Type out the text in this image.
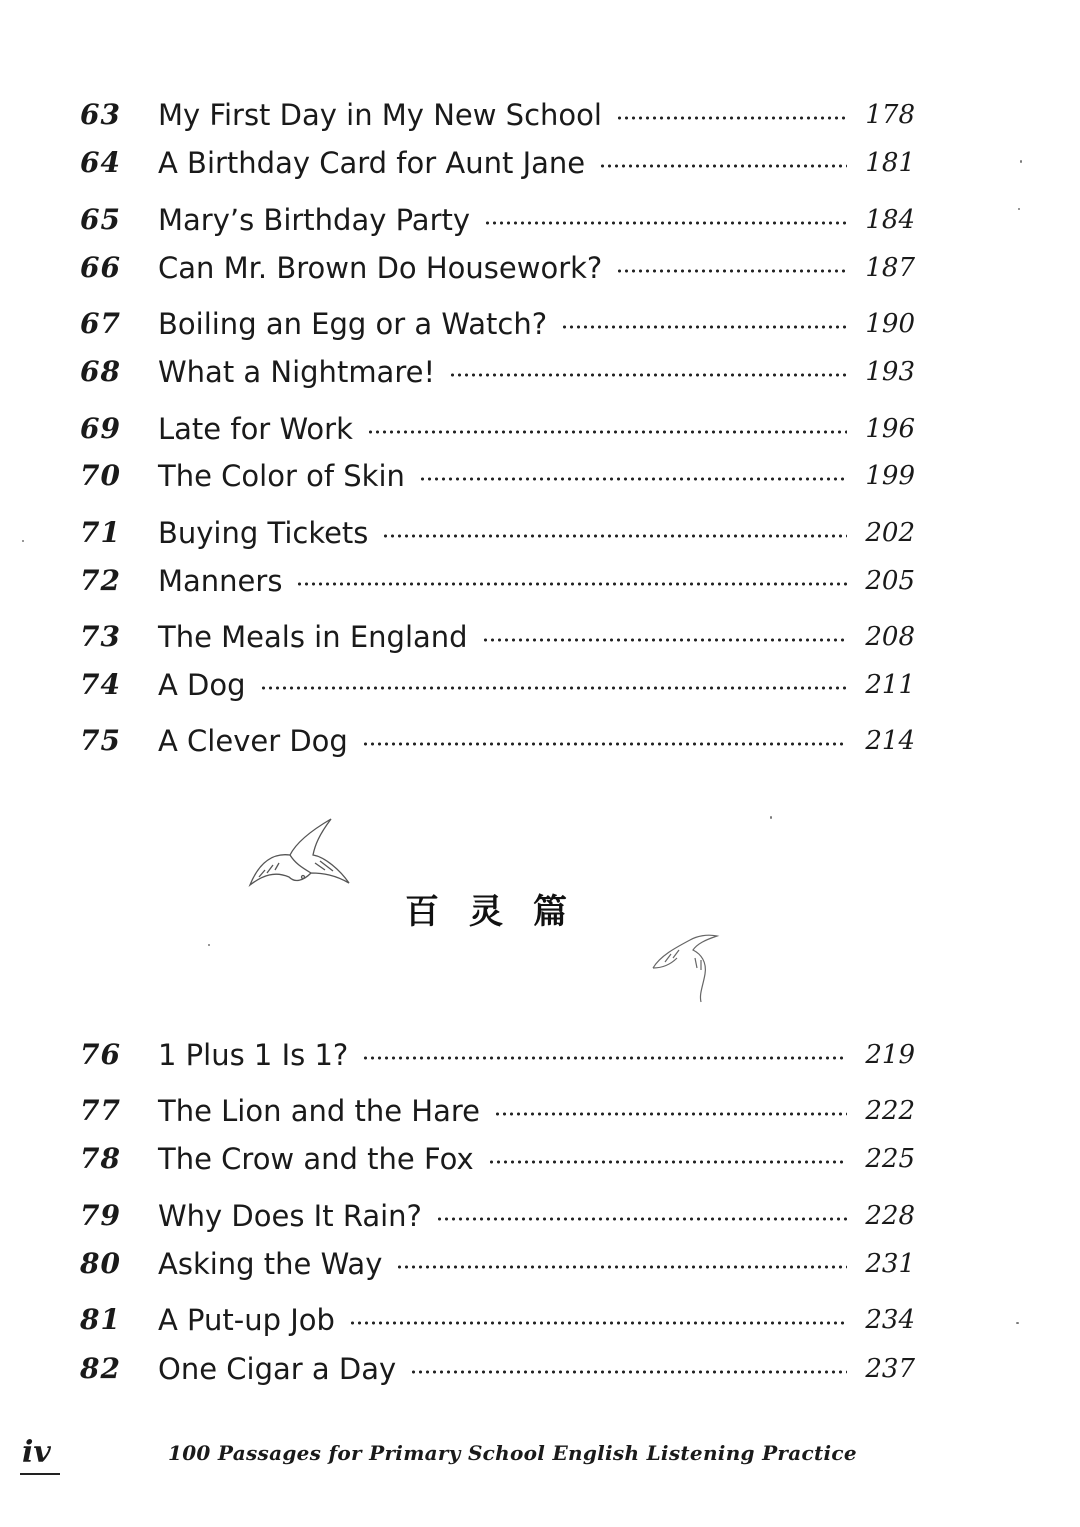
63	My First Day in My New School	178
64	A Birthday Card for Aunt Jane	181
65	Mary’s Birthday Party	184
66	Can Mr. Brown Do Housework?	187
67	Boiling an Egg or a Watch?	190
68	What a Nightmare!	193
69	Late for Work	196
70	The Color of Skin	199
71	Buying Tickets	202
72	Manners	205
73	The Meals in England	208
74	A Dog	211
75	A Clever Dog	214
百灵篇
76	1 Plus 1 Is 1?	219
77	The Lion and the Hare	222
78	The Crow and the Fox	225
79	Why Does It Rain?	228
80	Asking the Way	231
81	A Put-up Job	234
82	One Cigar a Day	237
iv	100 Passages for Primary School English Listening Practice
